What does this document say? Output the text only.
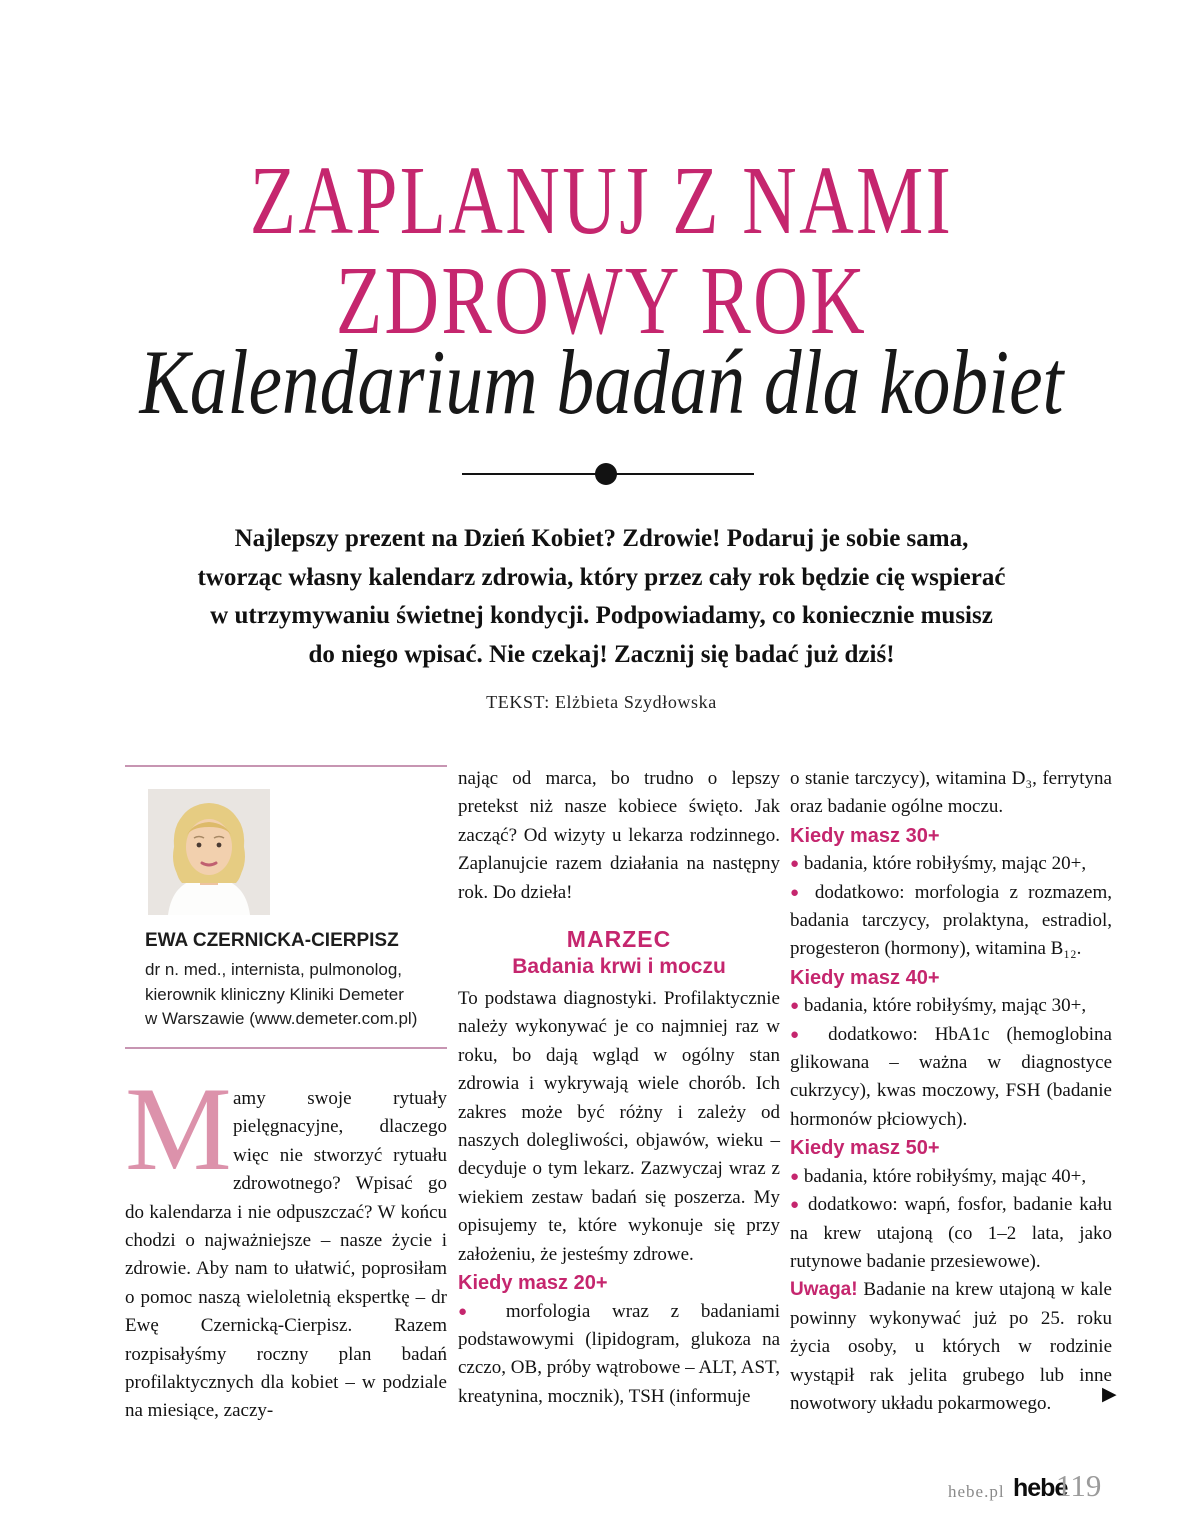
ZAPLANUJ Z NAMI
ZDROWY ROK
Kalendarium badań dla kobiet
Najlepszy prezent na Dzień Kobiet? Zdrowie! Podaruj je sobie sama,
tworząc własny kalendarz zdrowia, który przez cały rok będzie cię wspierać
w utrzymywaniu świetnej kondycji. Podpowiadamy, co koniecznie musisz
do niego wpisać. Nie czekaj! Zacznij się badać już dziś!
TEKST: Elżbieta Szydłowska
EWA CZERNICKA-CIERPISZ
dr n. med., internista, pulmonolog,
kierownik kliniczny Kliniki Demeter
w Warszawie (www.demeter.com.pl)
Mamy swoje rytuały pielęgnacyjne, dlaczego więc nie stworzyć rytuału zdrowotnego? Wpisać go do kalendarza i nie odpuszczać? W końcu chodzi o najważniejsze – nasze życie i zdrowie. Aby nam to ułatwić, poprosiłam o pomoc naszą wieloletnią ekspertkę – dr Ewę Czernicką-Cierpisz. Razem rozpisałyśmy roczny plan badań profilaktycznych dla kobiet – w podziale na miesiące, zaczy-
nając od marca, bo trudno o lepszy pretekst niż nasze kobiece święto. Jak zacząć? Od wizyty u lekarza rodzinnego. Zaplanujcie razem działania na następny rok. Do dzieła!
MARZEC
Badania krwi i moczu
To podstawa diagnostyki. Profilaktycznie należy wykonywać je co najmniej raz w roku, bo dają wgląd w ogólny stan zdrowia i wykrywają wiele chorób. Ich zakres może być różny i zależy od naszych dolegliwości, objawów, wieku – decyduje o tym lekarz. Zazwyczaj wraz z wiekiem zestaw badań się poszerza. My opisujemy te, które wykonuje się przy założeniu, że jesteśmy zdrowe.
Kiedy masz 20+
● morfologia wraz z badaniami podstawowymi (lipidogram, glukoza na czczo, OB, próby wątrobowe – ALT, AST, kreatynina, mocznik), TSH (informuje
o stanie tarczycy), witamina D₃, ferrytyna oraz badanie ogólne moczu.
Kiedy masz 30+
● badania, które robiłyśmy, mając 20+,
● dodatkowo: morfologia z rozmazem, badania tarczycy, prolaktyna, estradiol, progesteron (hormony), witamina B₁₂.
Kiedy masz 40+
● badania, które robiłyśmy, mając 30+,
● dodatkowo: HbA1c (hemoglobina glikowana – ważna w diagnostyce cukrzycy), kwas moczowy, FSH (badanie hormonów płciowych).
Kiedy masz 50+
● badania, które robiłyśmy, mając 40+,
● dodatkowo: wapń, fosfor, badanie kału na krew utajoną (co 1–2 lata, jako rutynowe badanie przesiewowe).
Uwaga! Badanie na krew utajoną w kale powinny wykonywać już po 25. roku życia osoby, u których w rodzinie wystąpił rak jelita grubego lub inne nowotwory układu pokarmowego.	▶
hebe.pl hebe
119
